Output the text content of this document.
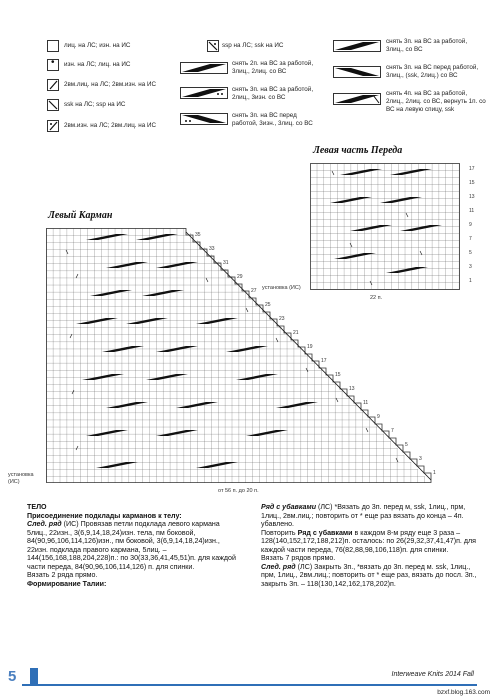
лиц. на ЛС; изн. на ИС
• изн. на ЛС; лиц. на ИС
2вм.лиц. на ЛС; 2вм.изн. на ИС
ssk на ЛС; ssp на ИС
2вм.изн. на ЛС; 2вм.лиц. на ИС
ssp на ЛС; ssk на ИС
снять 2п. на ВС за работой, 3лиц., 2лиц. со ВС
снять 3п. на ВС за работой, 2лиц., 3изн. со ВС
снять 3п. на ВС перед работой, 3изн., 3лиц. со ВС
снять 3п. на ВС за работой, 3лиц., со ВС
снять 3п. на ВС перед работой, 3лиц., (ssk, 2лиц.) со ВС
снять 4п. на ВС за работой, 2лиц., 2лиц. со ВС, вернуть 1п. со ВС на левую спицу, ssk
Левая часть Переда
17
15
13
11
9
7
5
3
1
установка (ИС)
22 п.
Левый Карман
35
33
31
29
27
25
23
21
19
17
15
13
11
9
7
5
3
1
установка (ИС)
от 56 п. до 20 п.

ТЕЛО

Присоединение подклады карманов к телу:

След. ряд (ИС) Провязав петли подклада левого кармана 5лиц., 22изн., 3(6,9,14,18,24)изн. тела, пм боковой, 84(90,96,106,114,126)изн., пм боковой, 3(6,9,14,18,24)изн., 22изн. подклада правого кармана, 5лиц. – 144(156,168,188,204,228)п.: по 30(33,36,41,45,51)п. для каждой части переда, 84(90,96,106,114,126) п. для спинки.

Вязать 2 ряда прямо.

Формирование Талии:

Ряд с убавками (ЛС) *Вязать до 3п. перед м, ssk, 1лиц., прм, 1лиц., 2вм.лиц.; повторить от * еще раз вязать до конца – 4п. убавлено.

Повторить Ряд с убавками в каждом 8-м ряду еще 3 раза – 128(140,152,172,188,212)п. осталось: по 26(29,32,37,41,47)п. для каждой части переда, 76(82,88,98,106,118)п. для спинки.

Вязать 7 рядов прямо.

След. ряд (ЛС) Закрыть 3п., *вязать до 3п. перед м. ssk, 1лиц., прм, 1лиц., 2вм.лиц.; повторить от * еще раз, вязать до посл. 3п., закрыть 3п. – 118(130,142,162,178,202)п.

5	Interweave Knits 2014 Fall
bzxf.blog.163.com
